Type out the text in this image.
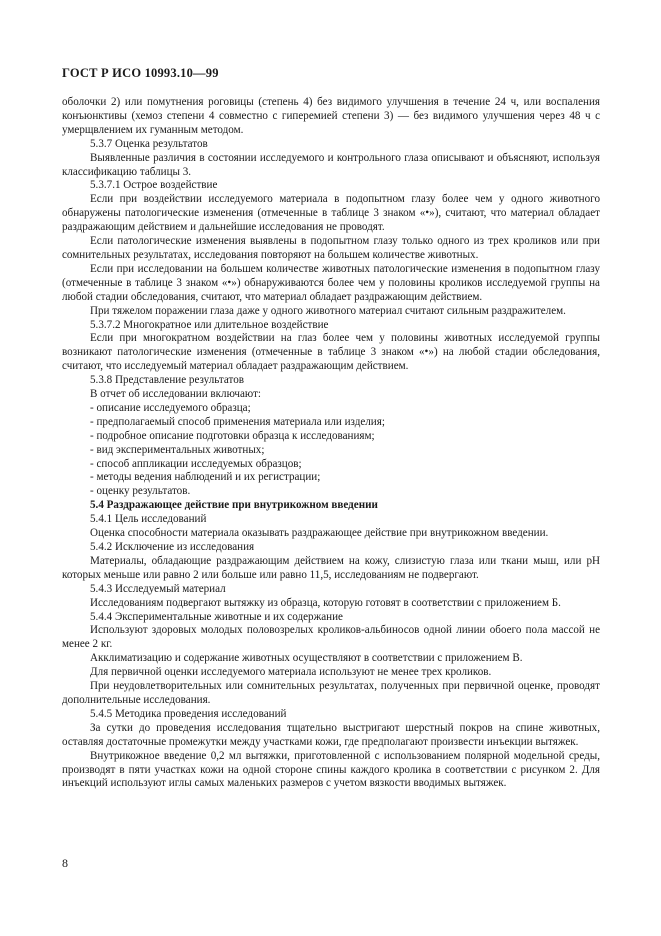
ГОСТ Р ИСО 10993.10—99

оболочки 2) или помутнения роговицы (степень 4) без видимого улучшения в течение 24 ч, или воспаления конъюнктивы (хемоз степени 4 совместно с гиперемией степени 3) — без видимого улучшения через 48 ч с умерщвлением их гуманным методом.

5.3.7 Оценка результатов

Выявленные различия в состоянии исследуемого и контрольного глаза описывают и объясняют, используя классификацию таблицы 3.

5.3.7.1 Острое воздействие

Если при воздействии исследуемого материала в подопытном глазу более чем у одного животного обнаружены патологические изменения (отмеченные в таблице 3 знаком «•»), считают, что материал обладает раздражающим действием и дальнейшие исследования не проводят.

Если патологические изменения выявлены в подопытном глазу только одного из трех кроликов или при сомнительных результатах, исследования повторяют на большем количестве животных.

Если при исследовании на большем количестве животных патологические изменения в подопытном глазу (отмеченные в таблице 3 знаком «•») обнаруживаются более чем у половины кроликов исследуемой группы на любой стадии обследования, считают, что материал обладает раздражающим действием.

При тяжелом поражении глаза даже у одного животного материал считают сильным раздражителем.

5.3.7.2 Многократное или длительное воздействие

Если при многократном воздействии на глаз более чем у половины животных исследуемой группы возникают патологические изменения (отмеченные в таблице 3 знаком «•») на любой стадии обследования, считают, что исследуемый материал обладает раздражающим действием.

5.3.8 Представление результатов

В отчет об исследовании включают:

- описание исследуемого образца;

- предполагаемый способ применения материала или изделия;

- подробное описание подготовки образца к исследованиям;

- вид экспериментальных животных;

- способ аппликации исследуемых образцов;

- методы ведения наблюдений и их регистрации;

- оценку результатов.

5.4 Раздражающее действие при внутрикожном введении

5.4.1 Цель исследований

Оценка способности материала оказывать раздражающее действие при внутрикожном введении.

5.4.2 Исключение из исследования

Материалы, обладающие раздражающим действием на кожу, слизистую глаза или ткани мыш, или pH которых меньше или равно 2 или больше или равно 11,5, исследованиям не подвергают.

5.4.3 Исследуемый материал

Исследованиям подвергают вытяжку из образца, которую готовят в соответствии с приложением Б.

5.4.4 Экспериментальные животные и их содержание

Используют здоровых молодых половозрелых кроликов-альбиносов одной линии обоего пола массой не менее 2 кг.

Акклиматизацию и содержание животных осуществляют в соответствии с приложением В.

Для первичной оценки исследуемого материала используют не менее трех кроликов.

При неудовлетворительных или сомнительных результатах, полученных при первичной оценке, проводят дополнительные исследования.

5.4.5 Методика проведения исследований

За сутки до проведения исследования тщательно выстригают шерстный покров на спине животных, оставляя достаточные промежутки между участками кожи, где предполагают произвести инъекции вытяжек.

Внутрикожное введение 0,2 мл вытяжки, приготовленной с использованием полярной модельной среды, производят в пяти участках кожи на одной стороне спины каждого кролика в соответствии с рисунком 2. Для инъекций используют иглы самых маленьких размеров с учетом вязкости вводимых вытяжек.

8
